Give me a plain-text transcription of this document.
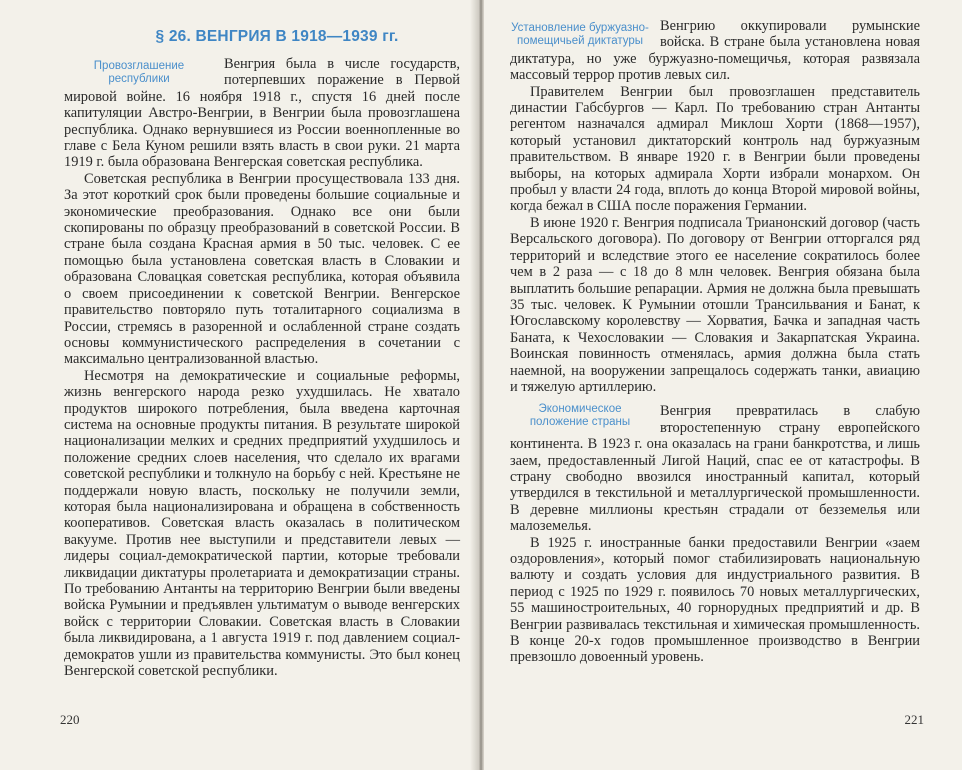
§ 26. ВЕНГРИЯ В 1918—1939 гг.
Провозглашение республики

Венгрия была в числе государств, потерпевших поражение в Первой мировой войне. 16 ноября 1918 г., спустя 16 дней после капитуляции Австро-Венгрии, в Венгрии была провозглашена республика. Однако вернувшиеся из России военнопленные во главе с Бела Куном решили взять власть в свои руки. 21 марта 1919 г. была образована Венгерская советская республика.

Советская республика в Венгрии просуществовала 133 дня. За этот короткий срок были проведены большие социальные и экономические преобразования. Однако все они были скопированы по образцу преобразований в советской России. В стране была создана Красная армия в 50 тыс. человек. С ее помощью была установлена советская власть в Словакии и образована Словацкая советская республика, которая объявила о своем присоединении к советской Венгрии. Венгерское правительство повторяло путь тоталитарного социализма в России, стремясь в разоренной и ослабленной стране создать основы коммунистического распределения в сочетании с максимально централизованной властью.

Несмотря на демократические и социальные реформы, жизнь венгерского народа резко ухудшилась. Не хватало продуктов широкого потребления, была введена карточная система на основные продукты питания. В результате широкой национализации мелких и средних предприятий ухудшилось и положение средних слоев населения, что сделало их врагами советской республики и толкнуло на борьбу с ней. Крестьяне не поддержали новую власть, поскольку не получили земли, которая была национализирована и обращена в собственность кооперативов. Советская власть оказалась в политическом вакууме. Против нее выступили и представители левых — лидеры социал-демократической партии, которые требовали ликвидации диктатуры пролетариата и демократизации страны. По требованию Антанты на территорию Венгрии были введены войска Румынии и предъявлен ультиматум о выводе венгерских войск с территории Словакии. Советская власть в Словакии была ликвидирована, а 1 августа 1919 г. под давлением социал-демократов ушли из правительства коммунисты. Это был конец Венгерской советской республики.

220
Установление буржуазно-помещичьей диктатуры

Венгрию оккупировали румынские войска. В стране была установлена новая диктатура, но уже буржуазно-помещичья, которая развязала массовый террор против левых сил.

Правителем Венгрии был провозглашен представитель династии Габсбургов — Карл. По требованию стран Антанты регентом назначался адмирал Миклош Хорти (1868—1957), который установил диктаторский контроль над буржуазным правительством. В январе 1920 г. в Венгрии были проведены выборы, на которых адмирала Хорти избрали монархом. Он пробыл у власти 24 года, вплоть до конца Второй мировой войны, когда бежал в США после поражения Германии.

В июне 1920 г. Венгрия подписала Трианонский договор (часть Версальского договора). По договору от Венгрии отторгался ряд территорий и вследствие этого ее население сократилось более чем в 2 раза — с 18 до 8 млн человек. Венгрия обязана была выплатить большие репарации. Армия не должна была превышать 35 тыс. человек. К Румынии отошли Трансильвания и Банат, к Югославскому королевству — Хорватия, Бачка и западная часть Баната, к Чехословакии — Словакия и Закарпатская Украина. Воинская повинность отменялась, армия должна была стать наемной, на вооружении запрещалось содержать танки, авиацию и тяжелую артиллерию.

Экономическое положение страны

Венгрия превратилась в слабую второстепенную страну европейского континента. В 1923 г. она оказалась на грани банкротства, и лишь заем, предоставленный Лигой Наций, спас ее от катастрофы. В страну свободно ввозился иностранный капитал, который утвердился в текстильной и металлургической промышленности. В деревне миллионы крестьян страдали от безземелья или малоземелья.

В 1925 г. иностранные банки предоставили Венгрии «заем оздоровления», который помог стабилизировать национальную валюту и создать условия для индустриального развития. В период с 1925 по 1929 г. появилось 70 новых металлургических, 55 машиностроительных, 40 горнорудных предприятий и др. В Венгрии развивалась текстильная и химическая промышленность. В конце 20-х годов промышленное производство в Венгрии превзошло довоенный уровень.

221
